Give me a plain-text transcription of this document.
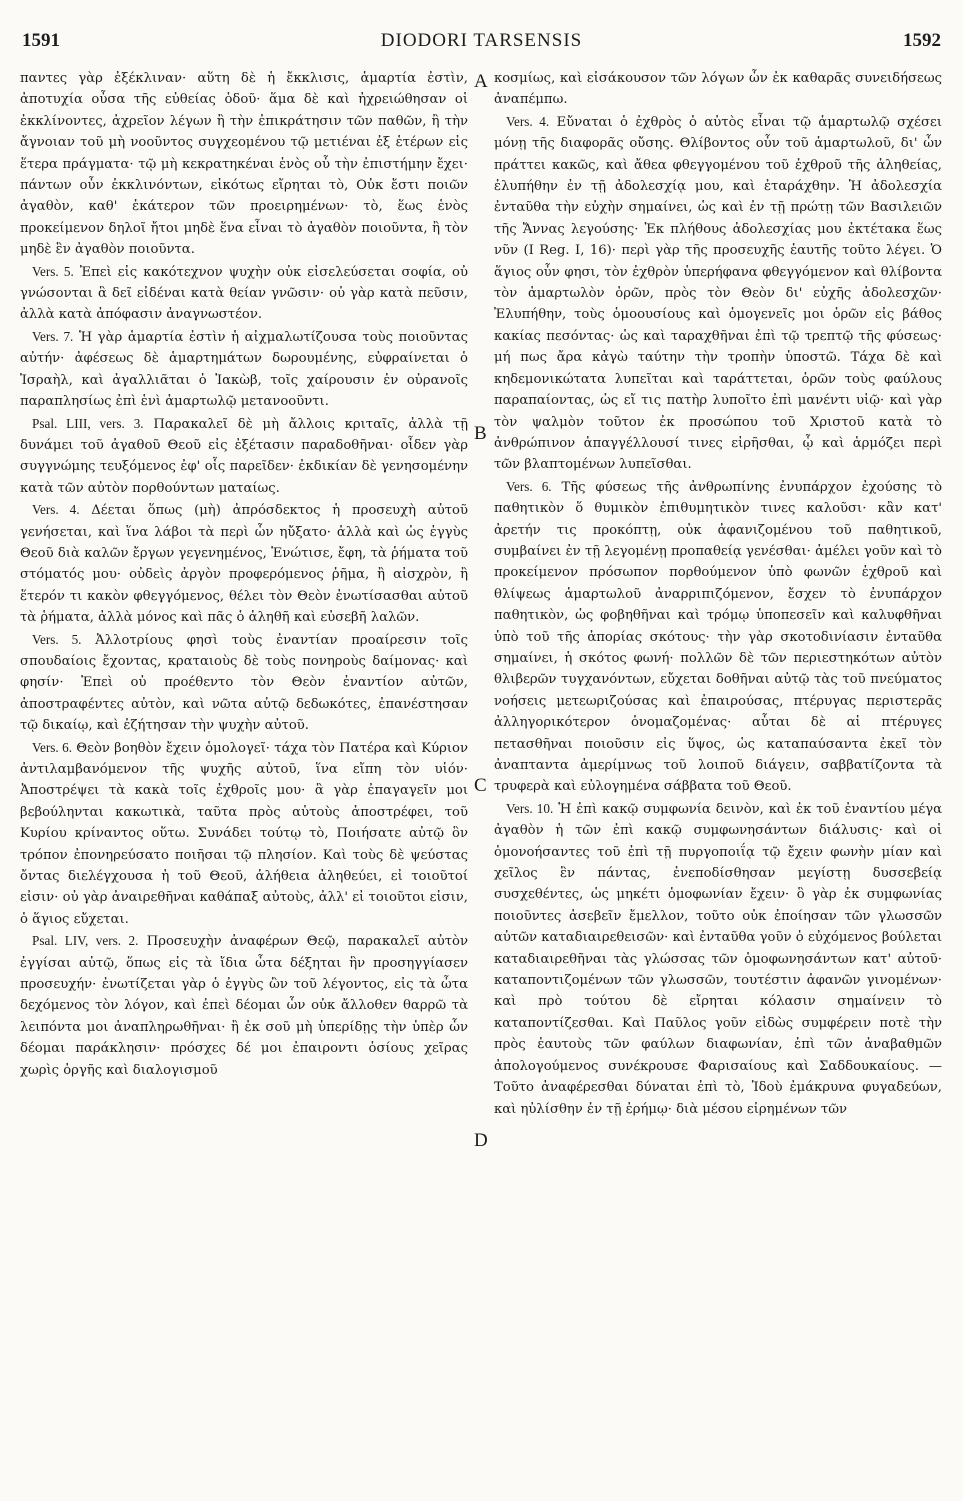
1591	DIODORI TARSENSIS	1592

παντες γὰρ ἐξέκλιναν· αὕτη δὲ ἡ ἔκκλισις, ἁμαρτία ἐστὶν, ἀποτυχία οὖσα τῆς εὐθείας ὁδοῦ· ἅμα δὲ καὶ ἠχρειώθησαν οἱ ἐκκλίνοντες, ἀχρεῖον λέγων ἢ τὴν ἐπικράτησιν τῶν παθῶν, ἢ τὴν ἄγνοιαν τοῦ μὴ νοοῦντος συγχεομένου τῷ μετιέναι ἐξ ἑτέρων εἰς ἕτερα πράγματα· τῷ μὴ κεκρατηκέναι ἑνὸς οὗ τὴν ἐπιστήμην ἔχει· πάντων οὖν ἐκκλινόντων, εἰκότως εἴρηται τὸ, Οὐκ ἔστι ποιῶν ἀγαθὸν, καθ' ἑκάτερον τῶν προειρημένων· τὸ, ἕως ἑνὸς προκείμενον δηλοῖ ἤτοι μηδὲ ἕνα εἶναι τὸ ἀγαθὸν ποιοῦντα, ἢ τὸν μηδὲ ἓν ἀγαθὸν ποιοῦντα.

Vers. 5. Ἐπεὶ εἰς κακότεχνον ψυχὴν οὐκ εἰσελεύσεται σοφία, οὐ γνώσονται ἃ δεῖ εἰδέναι κατὰ θείαν γνῶσιν· οὐ γὰρ κατὰ πεῦσιν, ἀλλὰ κατὰ ἀπόφασιν ἀναγνωστέον.

Vers. 7. Ἡ γὰρ ἁμαρτία ἐστὶν ἡ αἰχμαλωτίζουσα τοὺς ποιοῦντας αὐτήν· ἀφέσεως δὲ ἁμαρτημάτων δωρουμένης, εὐφραίνεται ὁ Ἰσραὴλ, καὶ ἀγαλλιᾶται ὁ Ἰακὼβ, τοῖς χαίρουσιν ἐν οὐρανοῖς παραπλησίως ἐπὶ ἑνὶ ἁμαρτωλῷ μετανοοῦντι.

Psal. LIII, vers. 3. Παρακαλεῖ δὲ μὴ ἄλλοις κριταῖς, ἀλλὰ τῇ δυνάμει τοῦ ἀγαθοῦ Θεοῦ εἰς ἐξέτασιν παραδοθῆναι· οἶδεν γὰρ συγγνώμης τευξόμενος ἐφ' οἷς παρεῖδεν· ἐκδικίαν δὲ γενησομένην κατὰ τῶν αὐτὸν πορθούντων ματαίως.

Vers. 4. Δέεται ὅπως (μὴ) ἀπρόσδεκτος ἡ προσευχὴ αὐτοῦ γενήσεται, καὶ ἵνα λάβοι τὰ περὶ ὧν ηὔξατο· ἀλλὰ καὶ ὡς ἐγγὺς Θεοῦ διὰ καλῶν ἔργων γεγενημένος, Ἐνώτισε, ἔφη, τὰ ῥήματα τοῦ στόματός μου· οὐδεὶς ἀργὸν προφερόμενος ῥῆμα, ἢ αἰσχρὸν, ἢ ἕτερόν τι κακὸν φθεγγόμενος, θέλει τὸν Θεὸν ἐνωτίσασθαι αὐτοῦ τὰ ῥήματα, ἀλλὰ μόνος καὶ πᾶς ὁ ἀληθῆ καὶ εὐσεβῆ λαλῶν.

Vers. 5. Ἀλλοτρίους φησὶ τοὺς ἐναντίαν προαίρεσιν τοῖς σπουδαίοις ἔχοντας, κραταιοὺς δὲ τοὺς πονηροὺς δαίμονας· καὶ φησίν· Ἐπεὶ οὐ προέθεντο τὸν Θεὸν ἐναντίον αὐτῶν, ἀποστραφέντες αὐτὸν, καὶ νῶτα αὐτῷ δεδωκότες, ἐπανέστησαν τῷ δικαίῳ, καὶ ἐζήτησαν τὴν ψυχὴν αὐτοῦ.

Vers. 6. Θεὸν βοηθὸν ἔχειν ὁμολογεῖ· τάχα τὸν Πατέρα καὶ Κύριον ἀντιλαμβανόμενον τῆς ψυχῆς αὐτοῦ, ἵνα εἴπη τὸν υἱόν· Ἀποστρέψει τὰ κακὰ τοῖς ἐχθροῖς μου· ἃ γὰρ ἐπαγαγεῖν μοι βεβούληνται κακωτικὰ, ταῦτα πρὸς αὐτοὺς ἀποστρέφει, τοῦ Κυρίου κρίναντος οὕτω. Συνάδει τούτῳ τὸ, Ποιήσατε αὐτῷ ὃν τρόπον ἐπονηρεύσατο ποιῆσαι τῷ πλησίον. Καὶ τοὺς δὲ ψεύστας ὄντας διελέγχουσα ἡ τοῦ Θεοῦ, ἀλήθεια ἀληθεύει, εἰ τοιοῦτοί εἰσιν· οὐ γὰρ ἀναιρεθῆναι καθάπαξ αὐτοὺς, ἀλλ' εἰ τοιοῦτοι εἰσιν, ὁ ἅγιος εὔχεται.

Psal. LIV, vers. 2. Προσευχὴν ἀναφέρων Θεῷ, παρακαλεῖ αὐτὸν ἐγγίσαι αὐτῷ, ὅπως εἰς τὰ ἴδια ὦτα δέξηται ἣν προσηγγίασεν προσευχήν· ἐνωτίζεται γὰρ ὁ ἐγγὺς ὢν τοῦ λέγοντος, εἰς τὰ ὦτα δεχόμενος τὸν λόγον, καὶ ἐπεὶ δέομαι ὧν οὐκ ἄλλοθεν θαρρῶ τὰ λειπόντα μοι ἀναπληρωθῆναι· ἢ ἐκ σοῦ μὴ ὑπερίδῃς τὴν ὑπὲρ ὧν δέομαι παράκλησιν· πρόσχες δέ μοι ἐπαιροντι ὁσίους χεῖρας χωρὶς ὀργῆς καὶ διαλογισμοῦ

κοσμίως, καὶ εἰσάκουσον τῶν λόγων ὧν ἐκ καθαρᾶς συνειδήσεως ἀναπέμπω.

Vers. 4. Εὔναται ὁ ἐχθρὸς ὁ αὐτὸς εἶναι τῷ ἁμαρτωλῷ σχέσει μόνῃ τῆς διαφορᾶς οὔσης. Θλίβοντος οὖν τοῦ ἁμαρτωλοῦ, δι' ὧν πράττει κακῶς, καὶ ἄθεα φθεγγομένου τοῦ ἐχθροῦ τῆς ἀληθείας, ἐλυπήθην ἐν τῇ ἀδολεσχίᾳ μου, καὶ ἐταράχθην. Ἡ ἀδολεσχία ἐνταῦθα τὴν εὐχὴν σημαίνει, ὡς καὶ ἐν τῇ πρώτῃ τῶν Βασιλειῶν τῆς Ἄννας λεγούσης· Ἐκ πλήθους ἀδολεσχίας μου ἐκτέτακα ἕως νῦν (I Reg. I, 16)· περὶ γὰρ τῆς προσευχῆς ἑαυτῆς τοῦτο λέγει. Ὁ ἅγιος οὖν φησι, τὸν ἐχθρὸν ὑπερήφανα φθεγγόμενον καὶ θλίβοντα τὸν ἁμαρτωλὸν ὁρῶν, πρὸς τὸν Θεὸν δι' εὐχῆς ἀδολεσχῶν· Ἐλυπήθην, τοὺς ὁμοουσίους καὶ ὁμογενεῖς μοι ὁρῶν εἰς βάθος κακίας πεσόντας· ὡς καὶ ταραχθῆναι ἐπὶ τῷ τρεπτῷ τῆς φύσεως· μή πως ἄρα κἀγὼ ταύτην τὴν τροπὴν ὑποστῶ. Τάχα δὲ καὶ κηδεμονικώτατα λυπεῖται καὶ ταράττεται, ὁρῶν τοὺς φαύλους παραπαίοντας, ὡς εἴ τις πατὴρ λυποῖτο ἐπὶ μανέντι υἱῷ· καὶ γὰρ τὸν ψαλμὸν τοῦτον ἐκ προσώπου τοῦ Χριστοῦ κατὰ τὸ ἀνθρώπινον ἀπαγγέλλουσί τινες εἰρῆσθαι, ᾧ καὶ ἁρμόζει περὶ τῶν βλαπτομένων λυπεῖσθαι.

Vers. 6. Τῆς φύσεως τῆς ἀνθρωπίνης ἐνυπάρχον ἐχούσης τὸ παθητικὸν ὅ θυμικὸν ἐπιθυμητικὸν τινες καλοῦσι· κἂν κατ' ἀρετήν τις προκόπτῃ, οὐκ ἀφανιζομένου τοῦ παθητικοῦ, συμβαίνει ἐν τῇ λεγομένῃ προπαθείᾳ γενέσθαι· ἀμέλει γοῦν καὶ τὸ προκείμενον πρόσωπον πορθούμενον ὑπὸ φωνῶν ἐχθροῦ καὶ θλίψεως ἁμαρτωλοῦ ἀναρριπιζόμενον, ἔσχεν τὸ ἐνυπάρχον παθητικὸν, ὡς φοβηθῆναι καὶ τρόμῳ ὑποπεσεῖν καὶ καλυφθῆναι ὑπὸ τοῦ τῆς ἀπορίας σκότους· τὴν γὰρ σκοτοδινίασιν ἐνταῦθα σημαίνει, ἡ σκότος φωνή· πολλῶν δὲ τῶν περιεστηκότων αὐτὸν θλιβερῶν τυγχανόντων, εὔχεται δοθῆναι αὐτῷ τὰς τοῦ πνεύματος νοήσεις μετεωριζούσας καὶ ἐπαιρούσας, πτέρυγας περιστερᾶς ἀλληγορικότερον ὀνομαζομένας· αὗται δὲ αἱ πτέρυγες πετασθῆναι ποιοῦσιν εἰς ὕψος, ὡς καταπαύσαντα ἐκεῖ τὸν ἀναπταντα ἀμερίμνως τοῦ λοιποῦ διάγειν, σαββατίζοντα τὰ τρυφερὰ καὶ εὐλογημένα σάββατα τοῦ Θεοῦ.

Vers. 10. Ἡ ἐπὶ κακῷ συμφωνία δεινὸν, καὶ ἐκ τοῦ ἐναντίου μέγα ἀγαθὸν ἡ τῶν ἐπὶ κακῷ συμφωνησάντων διάλυσις· καὶ οἱ ὁμονοήσαντες τοῦ ἐπὶ τῇ πυργοποιΐᾳ τῷ ἔχειν φωνὴν μίαν καὶ χεῖλος ἓν πάντας, ἐνεποδίσθησαν μεγίστῃ δυσσεβείᾳ συσχεθέντες, ὡς μηκέτι ὁμοφωνίαν ἔχειν· ὃ γὰρ ἐκ συμφωνίας ποιοῦντες ἀσεβεῖν ἔμελλον, τοῦτο οὐκ ἐποίησαν τῶν γλωσσῶν αὐτῶν καταδιαιρεθεισῶν· καὶ ἐνταῦθα γοῦν ὁ εὐχόμενος βούλεται καταδιαιρεθῆναι τὰς γλώσσας τῶν ὁμοφωνησάντων κατ' αὐτοῦ· καταποντιζομένων τῶν γλωσσῶν, τουτέστιν ἀφανῶν γινομένων· καὶ πρὸ τούτου δὲ εἴρηται κόλασιν σημαίνειν τὸ καταποντίζεσθαι. Καὶ Παῦλος γοῦν εἰδὼς συμφέρειν ποτὲ τὴν πρὸς ἑαυτοὺς τῶν φαύλων διαφωνίαν, ἐπὶ τῶν ἀναβαθμῶν ἀπολογούμενος συνέκρουσε Φαρισαίους καὶ Σαδδουκαίους. — Τοῦτο ἀναφέρεσθαι δύναται ἐπὶ τὸ, Ἰδοὺ ἐμάκρυνα φυγαδεύων, καὶ ηὐλίσθην ἐν τῇ ἐρήμῳ· διὰ μέσου εἰρημένων τῶν

A
B
C
D
